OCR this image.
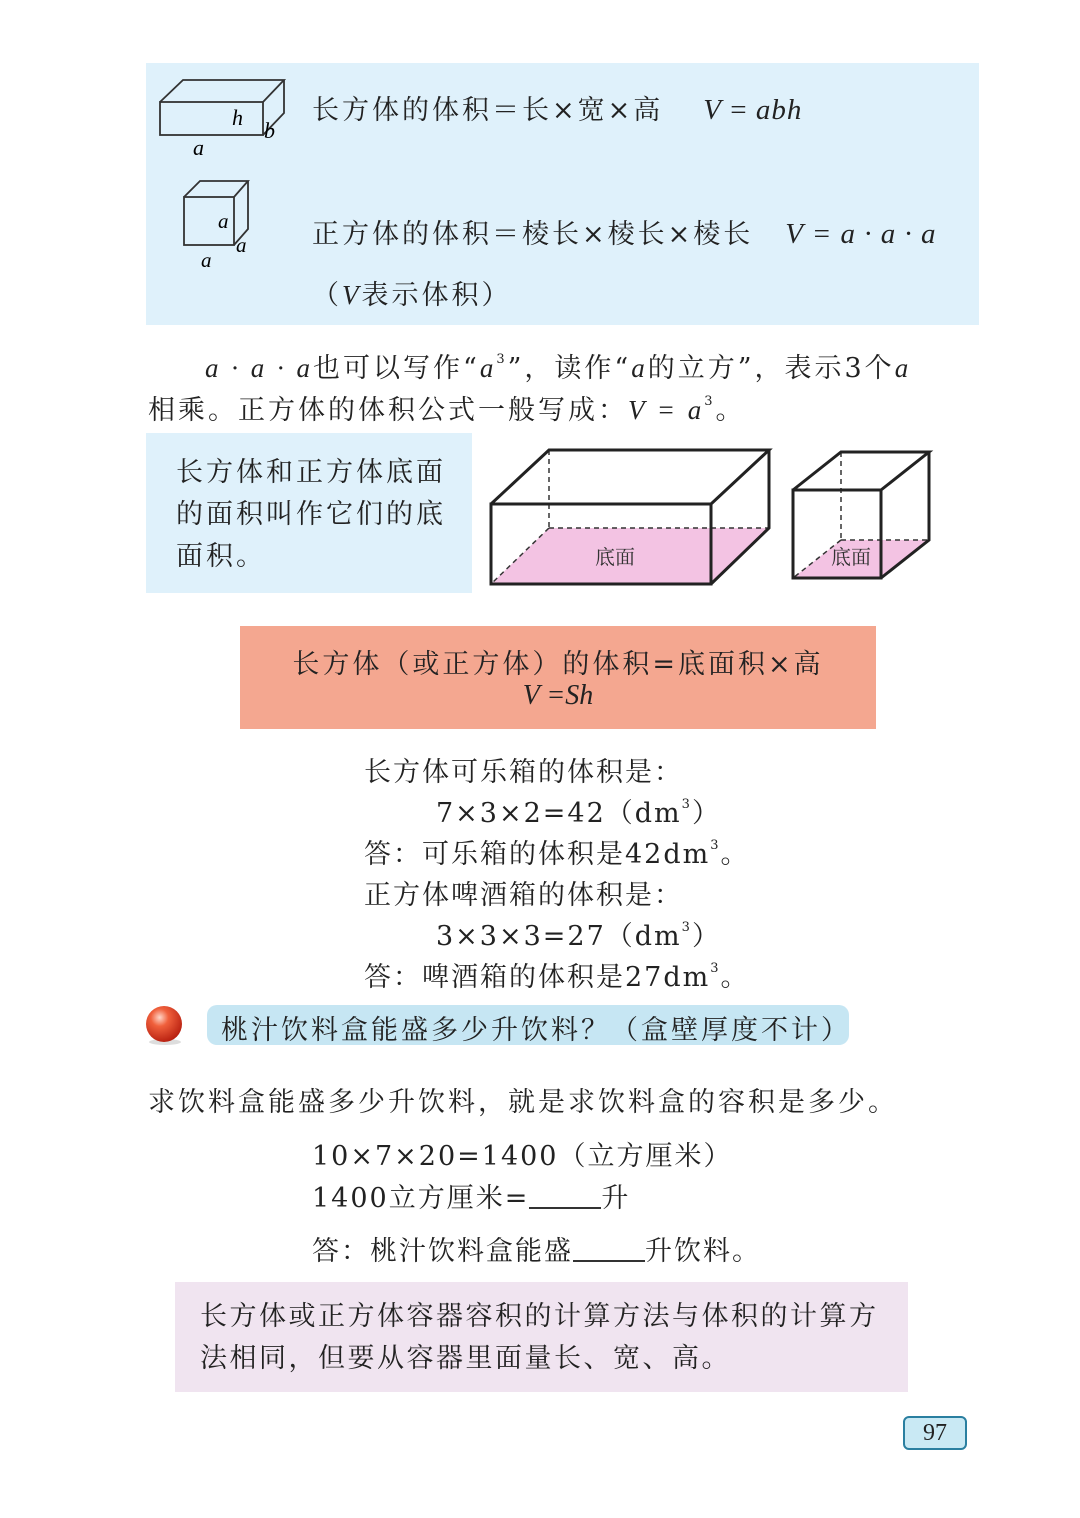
h
b
a
a
a
a
长方体的体积＝长×宽×高 V = abh
正方体的体积＝棱长×棱长×棱长 V = a · a · a
（V表示体积）
a · a · a也可以写作“$a^3$”，读作“a的立方”，表示3个a
相乘。正方体的体积公式一般写成：$V = a^3$。
长方体和正方体底面的面积叫作它们的底面积。	底面	底面
长方体（或正方体）的体积=底面积×高
V =Sh
长方体可乐箱的体积是：
$7\times 3\times 2=42(dm^3)$
答：可乐箱的体积是$42dm^3$。
正方体啤酒箱的体积是：
$3\times 3\times 3=27(dm^3)$
答：啤酒箱的体积是$27dm^3$。
桃汁饮料盒能盛多少升饮料？（盒壁厚度不计）
求饮料盒能盛多少升饮料，就是求饮料盒的容积是多少。
10×7×20=1400（立方厘米）
1400立方厘米=	升
答：桃汁饮料盒能盛	升饮料。
长方体或正方体容器容积的计算方法与体积的计算方法相同，但要从容器里面量长、宽、高。
97
